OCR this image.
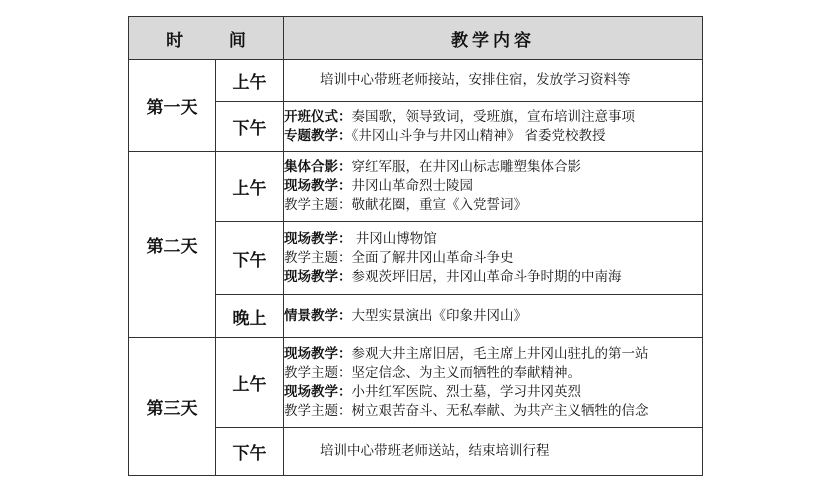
时 间		教学内容
第一天	上午	培训中心带班老师接站，安排住宿，发放学习资料等

	下午	开班仪式：奏国歌，领导致词，受班旗，宣布培训注意事项
专题教学：《井冈山斗争与井冈山精神》 省委党校教授

第二天	上午	集体合影：穿红军服，在井冈山标志雕塑集体合影
现场教学：井冈山革命烈士陵园
教学主题：敬献花圈，重宣《入党誓词》

	下午	现场教学： 井冈山博物馆
教学主题：全面了解井冈山革命斗争史
现场教学：参观茨坪旧居，井冈山革命斗争时期的中南海

	晚上	情景教学：大型实景演出《印象井冈山》

第三天	上午	现场教学：参观大井主席旧居，毛主席上井冈山驻扎的第一站
教学主题：坚定信念、为主义而牺牲的奉献精神。
现场教学：小井红军医院、烈士墓，学习井冈英烈
教学主题：树立艰苦奋斗、无私奉献、为共产主义牺牲的信念

	下午	培训中心带班老师送站，结束培训行程
